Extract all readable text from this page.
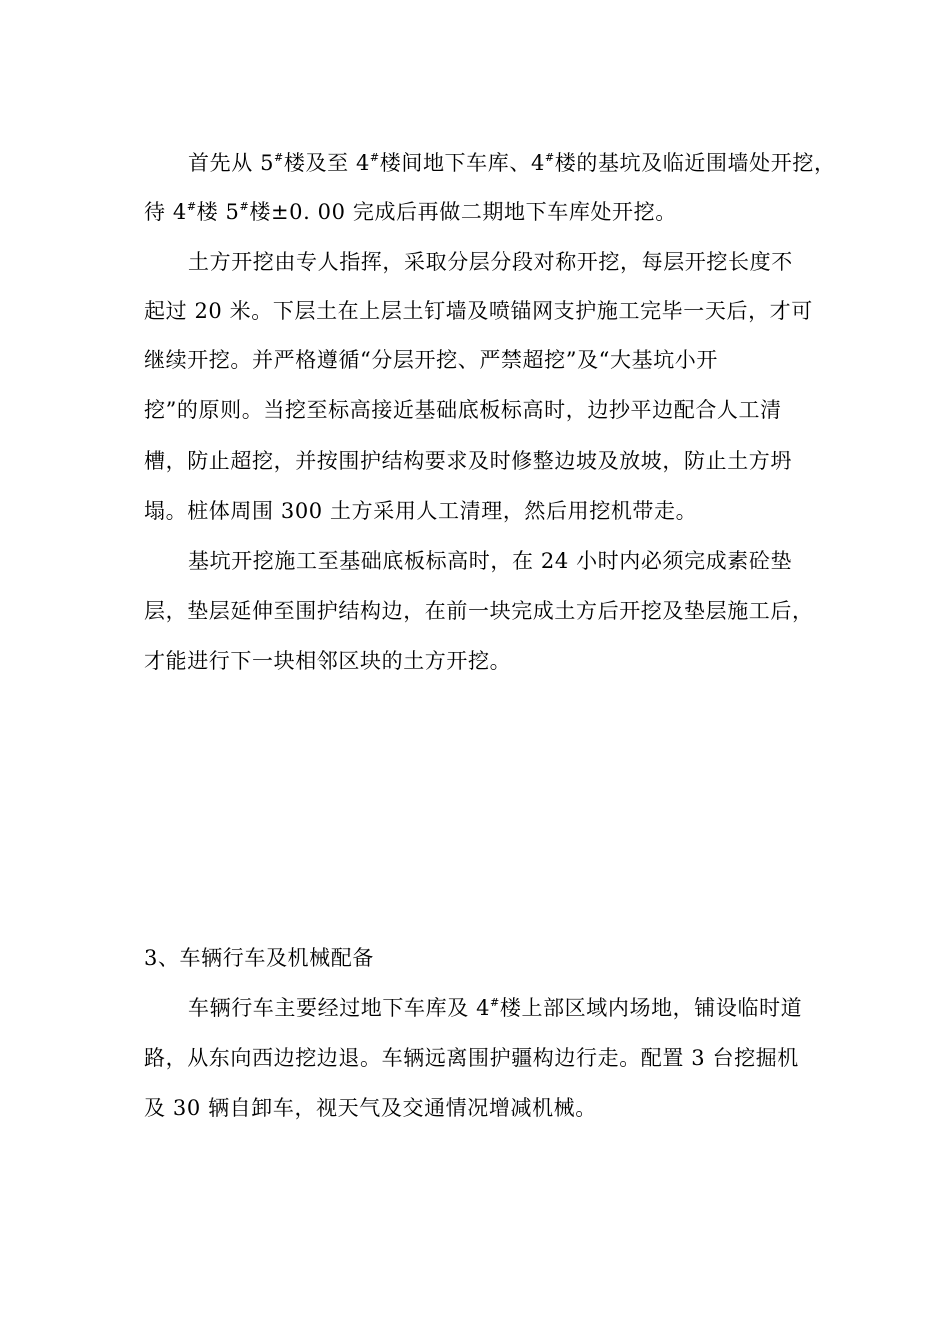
首先从 5#楼及至 4#楼间地下车库、4#楼的基坑及临近围墙处开挖，
待 4#楼 5#楼±0. 00 完成后再做二期地下车库处开挖。
土方开挖由专人指挥，采取分层分段对称开挖，每层开挖长度不
起过 20 米。下层土在上层土钉墙及喷锚网支护施工完毕一天后，才可
继续开挖。并严格遵循“分层开挖、严禁超挖”及“大基坑小开
挖”的原则。当挖至标高接近基础底板标高时，边抄平边配合人工清
槽，防止超挖，并按围护结构要求及时修整边坡及放坡，防止土方坍
塌。桩体周围 300 土方采用人工清理，然后用挖机带走。
基坑开挖施工至基础底板标高时，在 24 小时内必须完成素砼垫
层，垫层延伸至围护结构边，在前一块完成土方后开挖及垫层施工后，
才能进行下一块相邻区块的土方开挖。
3、车辆行车及机械配备
车辆行车主要经过地下车库及 4#楼上部区域内场地，铺设临时道
路，从东向西边挖边退。车辆远离围护疆构边行走。配置 3 台挖掘机
及 30 辆自卸车，视天气及交通情况增减机械。
